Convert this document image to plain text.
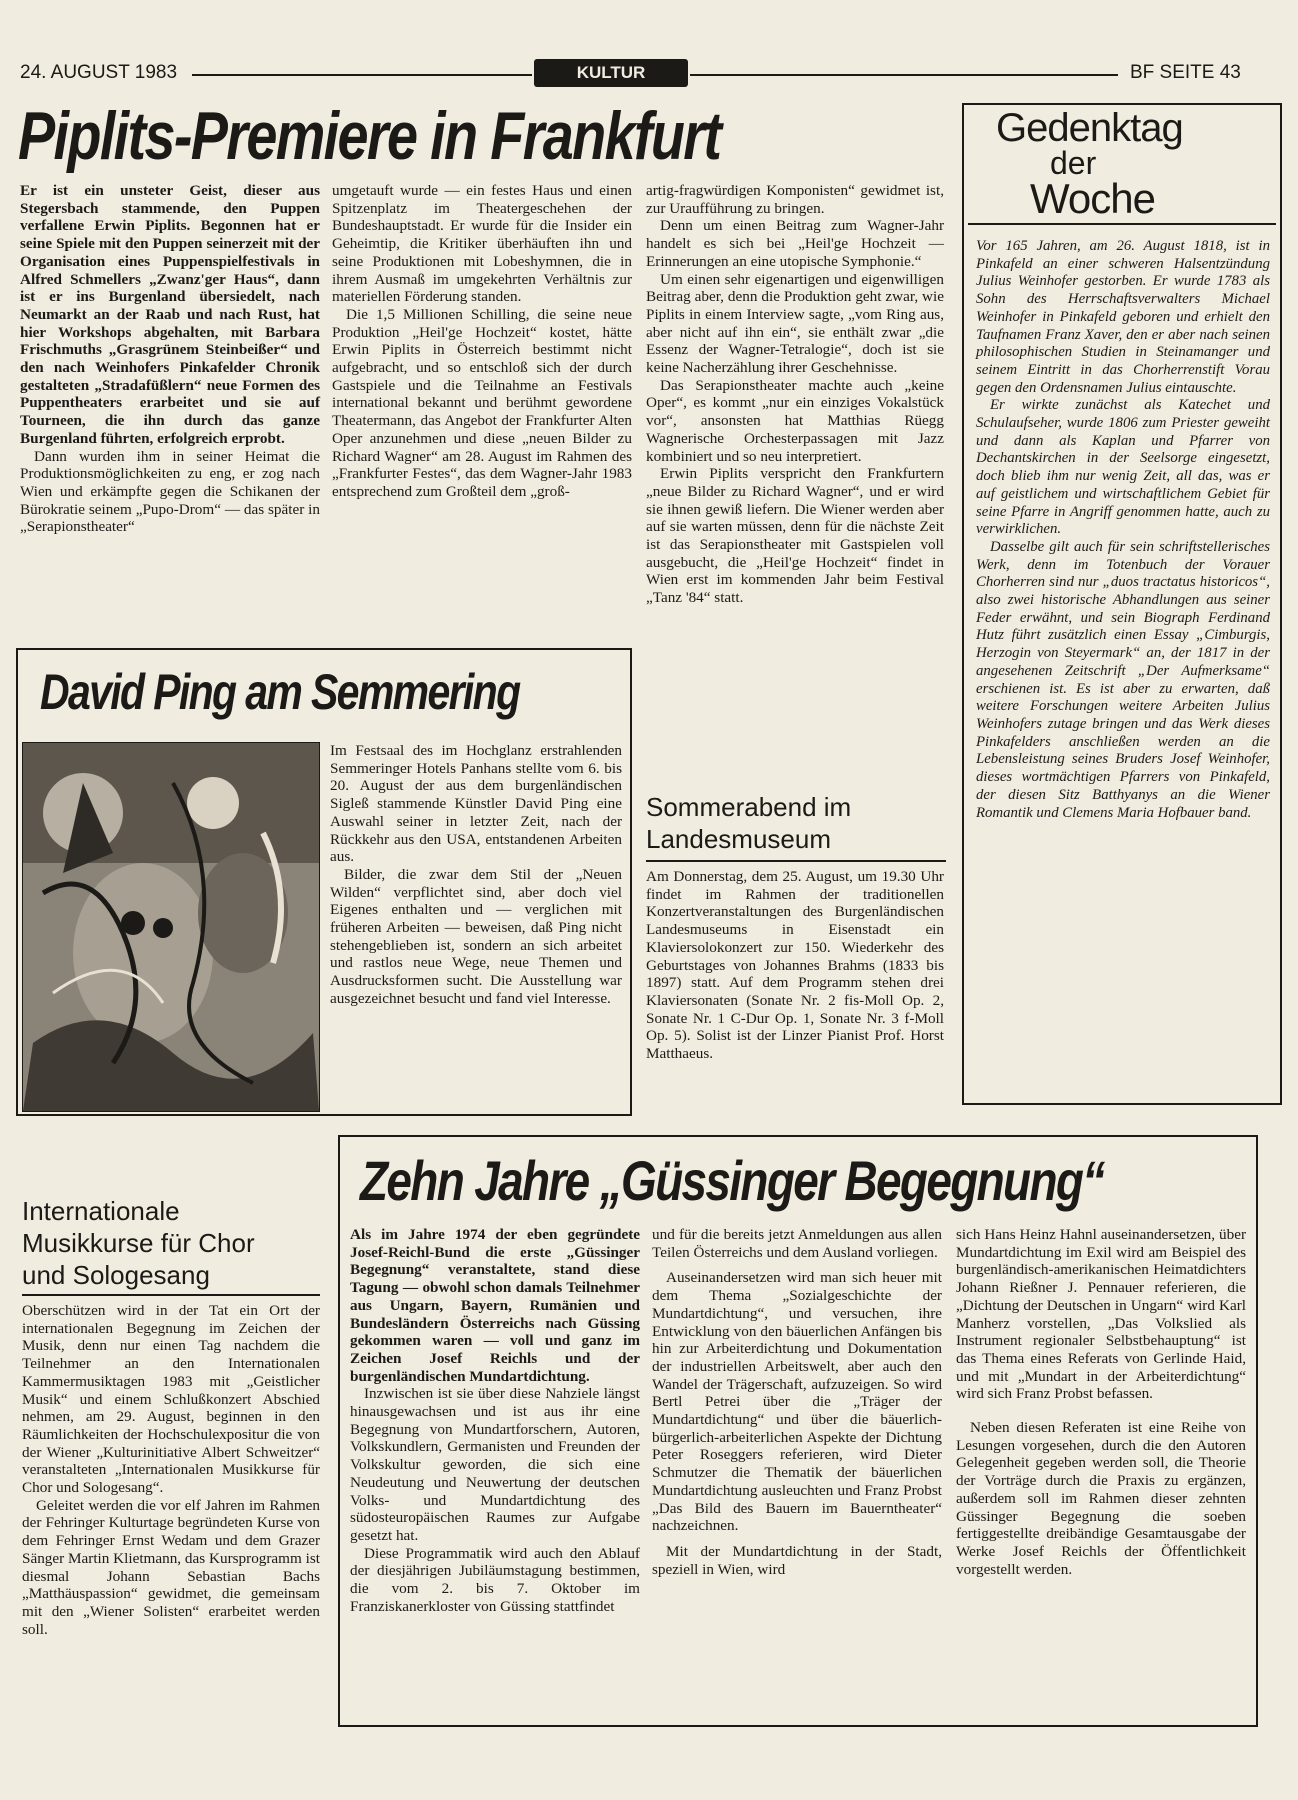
24. AUGUST 1983	KULTUR	BF SEITE 43
Piplits-Premiere in Frankfurt

Er ist ein unsteter Geist, dieser aus Stegersbach stammende, den Puppen verfallene Erwin Piplits. Begonnen hat er seine Spiele mit den Puppen seinerzeit mit der Organisation eines Puppenspielfestivals in Alfred Schmellers „Zwanz'ger Haus“, dann ist er ins Burgenland übersiedelt, nach Neumarkt an der Raab und nach Rust, hat hier Workshops abgehalten, mit Barbara Frischmuths „Grasgrünem Steinbeißer“ und den nach Weinhofers Pinkafelder Chronik gestalteten „Stradafüßlern“ neue Formen des Puppentheaters erarbeitet und sie auf Tourneen, die ihn durch das ganze Burgenland führten, erfolgreich erprobt.

Dann wurden ihm in seiner Heimat die Produktionsmöglichkeiten zu eng, er zog nach Wien und erkämpfte gegen die Schikanen der Bürokratie seinem „Pupo-Drom“ — das später in „Serapionstheater“

umgetauft wurde — ein festes Haus und einen Spitzenplatz im Theatergeschehen der Bundeshauptstadt. Er wurde für die Insider ein Geheimtip, die Kritiker überhäuften ihn und seine Produktionen mit Lobeshymnen, die in ihrem Ausmaß im umgekehrten Verhältnis zur materiellen Förderung standen.

Die 1,5 Millionen Schilling, die seine neue Produktion „Heil'ge Hochzeit“ kostet, hätte Erwin Piplits in Österreich bestimmt nicht aufgebracht, und so entschloß sich der durch Gastspiele und die Teilnahme an Festivals international bekannt und berühmt gewordene Theatermann, das Angebot der Frankfurter Alten Oper anzunehmen und diese „neuen Bilder zu Richard Wagner“ am 28. August im Rahmen des „Frankfurter Festes“, das dem Wagner-Jahr 1983 entsprechend zum Großteil dem „groß-

artig-fragwürdigen Komponisten“ gewidmet ist, zur Uraufführung zu bringen.

Denn um einen Beitrag zum Wagner-Jahr handelt es sich bei „Heil'ge Hochzeit — Erinnerungen an eine utopische Symphonie.“

Um einen sehr eigenartigen und eigenwilligen Beitrag aber, denn die Produktion geht zwar, wie Piplits in einem Interview sagte, „vom Ring aus, aber nicht auf ihn ein“, sie enthält zwar „die Essenz der Wagner-Tetralogie“, doch ist sie keine Nacherzählung ihrer Geschehnisse.

Das Serapionstheater machte auch „keine Oper“, es kommt „nur ein einziges Vokalstück vor“, ansonsten hat Matthias Rüegg Wagnerische Orchesterpassagen mit Jazz kombiniert und so neu interpretiert.

Erwin Piplits verspricht den Frankfurtern „neue Bilder zu Richard Wagner“, und er wird sie ihnen gewiß liefern. Die Wiener werden aber auf sie warten müssen, denn für die nächste Zeit ist das Serapionstheater mit Gastspielen voll ausgebucht, die „Heil'ge Hochzeit“ findet in Wien erst im kommenden Jahr beim Festival „Tanz '84“ statt.

Gedenktag
der
Woche

Vor 165 Jahren, am 26. August 1818, ist in Pinkafeld an einer schweren Halsentzündung Julius Weinhofer gestorben. Er wurde 1783 als Sohn des Herrschaftsverwalters Michael Weinhofer in Pinkafeld geboren und erhielt den Taufnamen Franz Xaver, den er aber nach seinen philosophischen Studien in Steinamanger und seinem Eintritt in das Chorherrenstift Vorau gegen den Ordensnamen Julius eintauschte.

Er wirkte zunächst als Katechet und Schulaufseher, wurde 1806 zum Priester geweiht und dann als Kaplan und Pfarrer von Dechantskirchen in der Seelsorge eingesetzt, doch blieb ihm nur wenig Zeit, all das, was er auf geistlichem und wirtschaftlichem Gebiet für seine Pfarre in Angriff genommen hatte, auch zu verwirklichen.

Dasselbe gilt auch für sein schriftstellerisches Werk, denn im Totenbuch der Vorauer Chorherren sind nur „duos tractatus historicos“, also zwei historische Abhandlungen aus seiner Feder erwähnt, und sein Biograph Ferdinand Hutz führt zusätzlich einen Essay „Cimburgis, Herzogin von Steyermark“ an, der 1817 in der angesehenen Zeitschrift „Der Aufmerksame“ erschienen ist. Es ist aber zu erwarten, daß weitere Forschungen weitere Arbeiten Julius Weinhofers zutage bringen und das Werk dieses Pinkafelders anschließen werden an die Lebensleistung seines Bruders Josef Weinhofer, dieses wortmächtigen Pfarrers von Pinkafeld, der diesen Sitz Batthyanys an die Wiener Romantik und Clemens Maria Hofbauer band.

David Ping am Semmering

Im Festsaal des im Hochglanz erstrahlenden Semmeringer Hotels Panhans stellte vom 6. bis 20. August der aus dem burgenländischen Sigleß stammende Künstler David Ping eine Auswahl seiner in letzter Zeit, nach der Rückkehr aus den USA, entstandenen Arbeiten aus.

Bilder, die zwar dem Stil der „Neuen Wilden“ verpflichtet sind, aber doch viel Eigenes enthalten und — verglichen mit früheren Arbeiten — beweisen, daß Ping nicht stehengeblieben ist, sondern an sich arbeitet und rastlos neue Wege, neue Themen und Ausdrucksformen sucht. Die Ausstellung war ausgezeichnet besucht und fand viel Interesse.

Sommerabend im
Landesmuseum

Am Donnerstag, dem 25. August, um 19.30 Uhr findet im Rahmen der traditionellen Konzertveranstaltungen des Burgenländischen Landesmuseums in Eisenstadt ein Klaviersolokonzert zur 150. Wiederkehr des Geburtstages von Johannes Brahms (1833 bis 1897) statt. Auf dem Programm stehen drei Klaviersonaten (Sonate Nr. 2 fis-Moll Op. 2, Sonate Nr. 1 C-Dur Op. 1, Sonate Nr. 3 f-Moll Op. 5). Solist ist der Linzer Pianist Prof. Horst Matthaeus.

Internationale
Musikkurse für Chor
und Sologesang

Oberschützen wird in der Tat ein Ort der internationalen Begegnung im Zeichen der Musik, denn nur einen Tag nachdem die Teilnehmer an den Internationalen Kammermusiktagen 1983 mit „Geistlicher Musik“ und einem Schlußkonzert Abschied nehmen, am 29. August, beginnen in den Räumlichkeiten der Hochschulexpositur die von der Wiener „Kulturinitiative Albert Schweitzer“ veranstalteten „Internationalen Musikkurse für Chor und Sologesang“.

Geleitet werden die vor elf Jahren im Rahmen der Fehringer Kulturtage begründeten Kurse von dem Fehringer Ernst Wedam und dem Grazer Sänger Martin Klietmann, das Kursprogramm ist diesmal Johann Sebastian Bachs „Matthäuspassion“ gewidmet, die gemeinsam mit den „Wiener Solisten“ erarbeitet werden soll.

Zehn Jahre „Güssinger Begegnung“

Als im Jahre 1974 der eben gegründete Josef-Reichl-Bund die erste „Güssinger Begegnung“ veranstaltete, stand diese Tagung — obwohl schon damals Teilnehmer aus Ungarn, Bayern, Rumänien und Bundesländern Österreichs nach Güssing gekommen waren — voll und ganz im Zeichen Josef Reichls und der burgenländischen Mundartdichtung.

Inzwischen ist sie über diese Nahziele längst hinausgewachsen und ist aus ihr eine Begegnung von Mundartforschern, Autoren, Volkskundlern, Germanisten und Freunden der Volkskultur geworden, die sich eine Neudeutung und Neuwertung der deutschen Volks- und Mundartdichtung des südosteuropäischen Raumes zur Aufgabe gesetzt hat.

Diese Programmatik wird auch den Ablauf der diesjährigen Jubiläumstagung bestimmen, die vom 2. bis 7. Oktober im Franziskanerkloster von Güssing stattfindet

und für die bereits jetzt Anmeldungen aus allen Teilen Österreichs und dem Ausland vorliegen.

Auseinandersetzen wird man sich heuer mit dem Thema „Sozialgeschichte der Mundartdichtung“, und versuchen, ihre Entwicklung von den bäuerlichen Anfängen bis hin zur Arbeiterdichtung und Dokumentation der industriellen Arbeitswelt, aber auch den Wandel der Trägerschaft, aufzuzeigen. So wird Bertl Petrei über die „Träger der Mundartdichtung“ und über die bäuerlich-bürgerlich-arbeiterlichen Aspekte der Dichtung Peter Roseggers referieren, wird Dieter Schmutzer die Thematik der bäuerlichen Mundartdichtung ausleuchten und Franz Probst „Das Bild des Bauern im Bauerntheater“ nachzeichnen.

Mit der Mundartdichtung in der Stadt, speziell in Wien, wird

sich Hans Heinz Hahnl auseinandersetzen, über Mundartdichtung im Exil wird am Beispiel des burgenländisch-amerikanischen Heimatdichters Johann Rießner J. Pennauer referieren, die „Dichtung der Deutschen in Ungarn“ wird Karl Manherz vorstellen, „Das Volkslied als Instrument regionaler Selbstbehauptung“ ist das Thema eines Referats von Gerlinde Haid, und mit „Mundart in der Arbeiterdichtung“ wird sich Franz Probst befassen.

Neben diesen Referaten ist eine Reihe von Lesungen vorgesehen, durch die den Autoren Gelegenheit gegeben werden soll, die Theorie der Vorträge durch die Praxis zu ergänzen, außerdem soll im Rahmen dieser zehnten Güssinger Begegnung die soeben fertiggestellte dreibändige Gesamtausgabe der Werke Josef Reichls der Öffentlichkeit vorgestellt werden.
